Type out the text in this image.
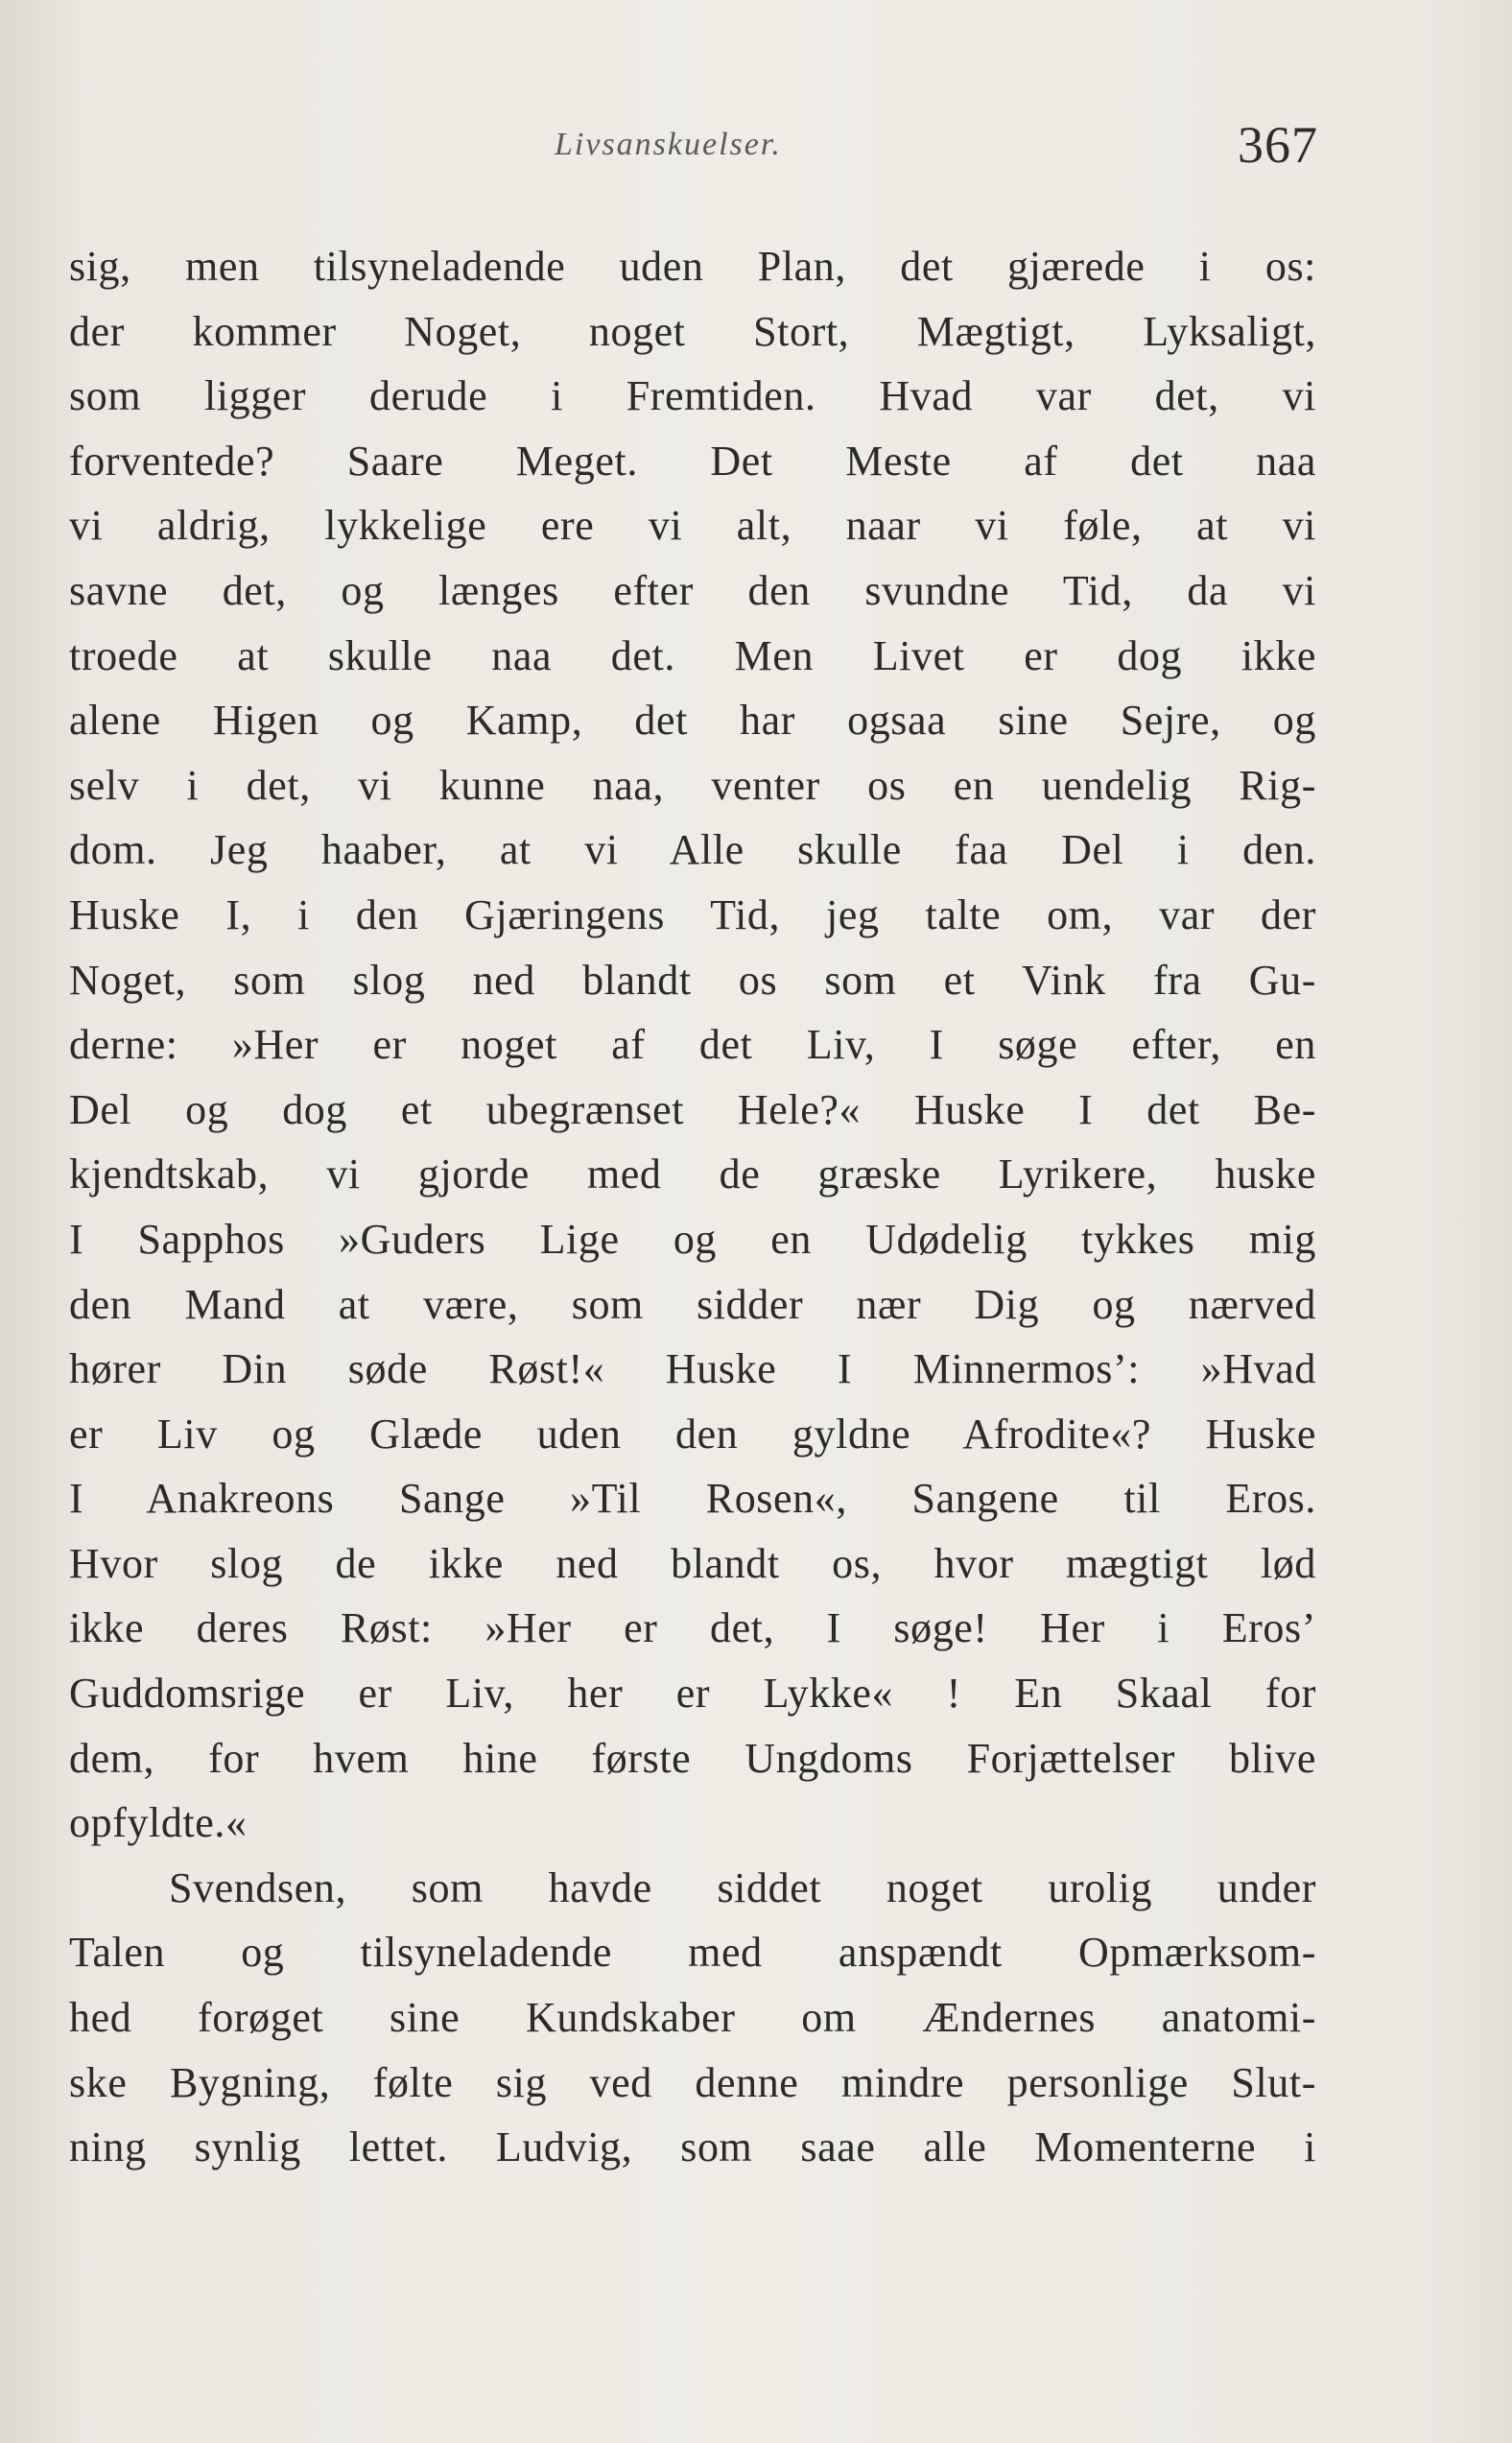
Livsanskuelser.	367
sig, men tilsyneladende uden Plan, det gjærede i os:
der kommer Noget, noget Stort, Mægtigt, Lyksaligt,
som ligger derude i Fremtiden. Hvad var det, vi
forventede? Saare Meget. Det Meste af det naa
vi aldrig, lykkelige ere vi alt, naar vi føle, at vi
savne det, og længes efter den svundne Tid, da vi
troede at skulle naa det. Men Livet er dog ikke
alene Higen og Kamp, det har ogsaa sine Sejre, og
selv i det, vi kunne naa, venter os en uendelig Rig-
dom. Jeg haaber, at vi Alle skulle faa Del i den.
Huske I, i den Gjæringens Tid, jeg talte om, var der
Noget, som slog ned blandt os som et Vink fra Gu-
derne: »Her er noget af det Liv, I søge efter, en
Del og dog et ubegrænset Hele?« Huske I det Be-
kjendtskab, vi gjorde med de græske Lyrikere, huske
I Sapphos »Guders Lige og en Udødelig tykkes mig
den Mand at være, som sidder nær Dig og nærved
hører Din søde Røst!« Huske I Minnermos’: »Hvad
er Liv og Glæde uden den gyldne Afrodite«? Huske
I Anakreons Sange »Til Rosen«, Sangene til Eros.
Hvor slog de ikke ned blandt os, hvor mægtigt lød
ikke deres Røst: »Her er det, I søge! Her i Eros’
Guddomsrige er Liv, her er Lykke« ! En Skaal for
dem, for hvem hine første Ungdoms Forjættelser blive
opfyldte.«
Svendsen, som havde siddet noget urolig under
Talen og tilsyneladende med anspændt Opmærksom-
hed forøget sine Kundskaber om Ændernes anatomi-
ske Bygning, følte sig ved denne mindre personlige Slut-
ning synlig lettet. Ludvig, som saae alle Momenterne i
